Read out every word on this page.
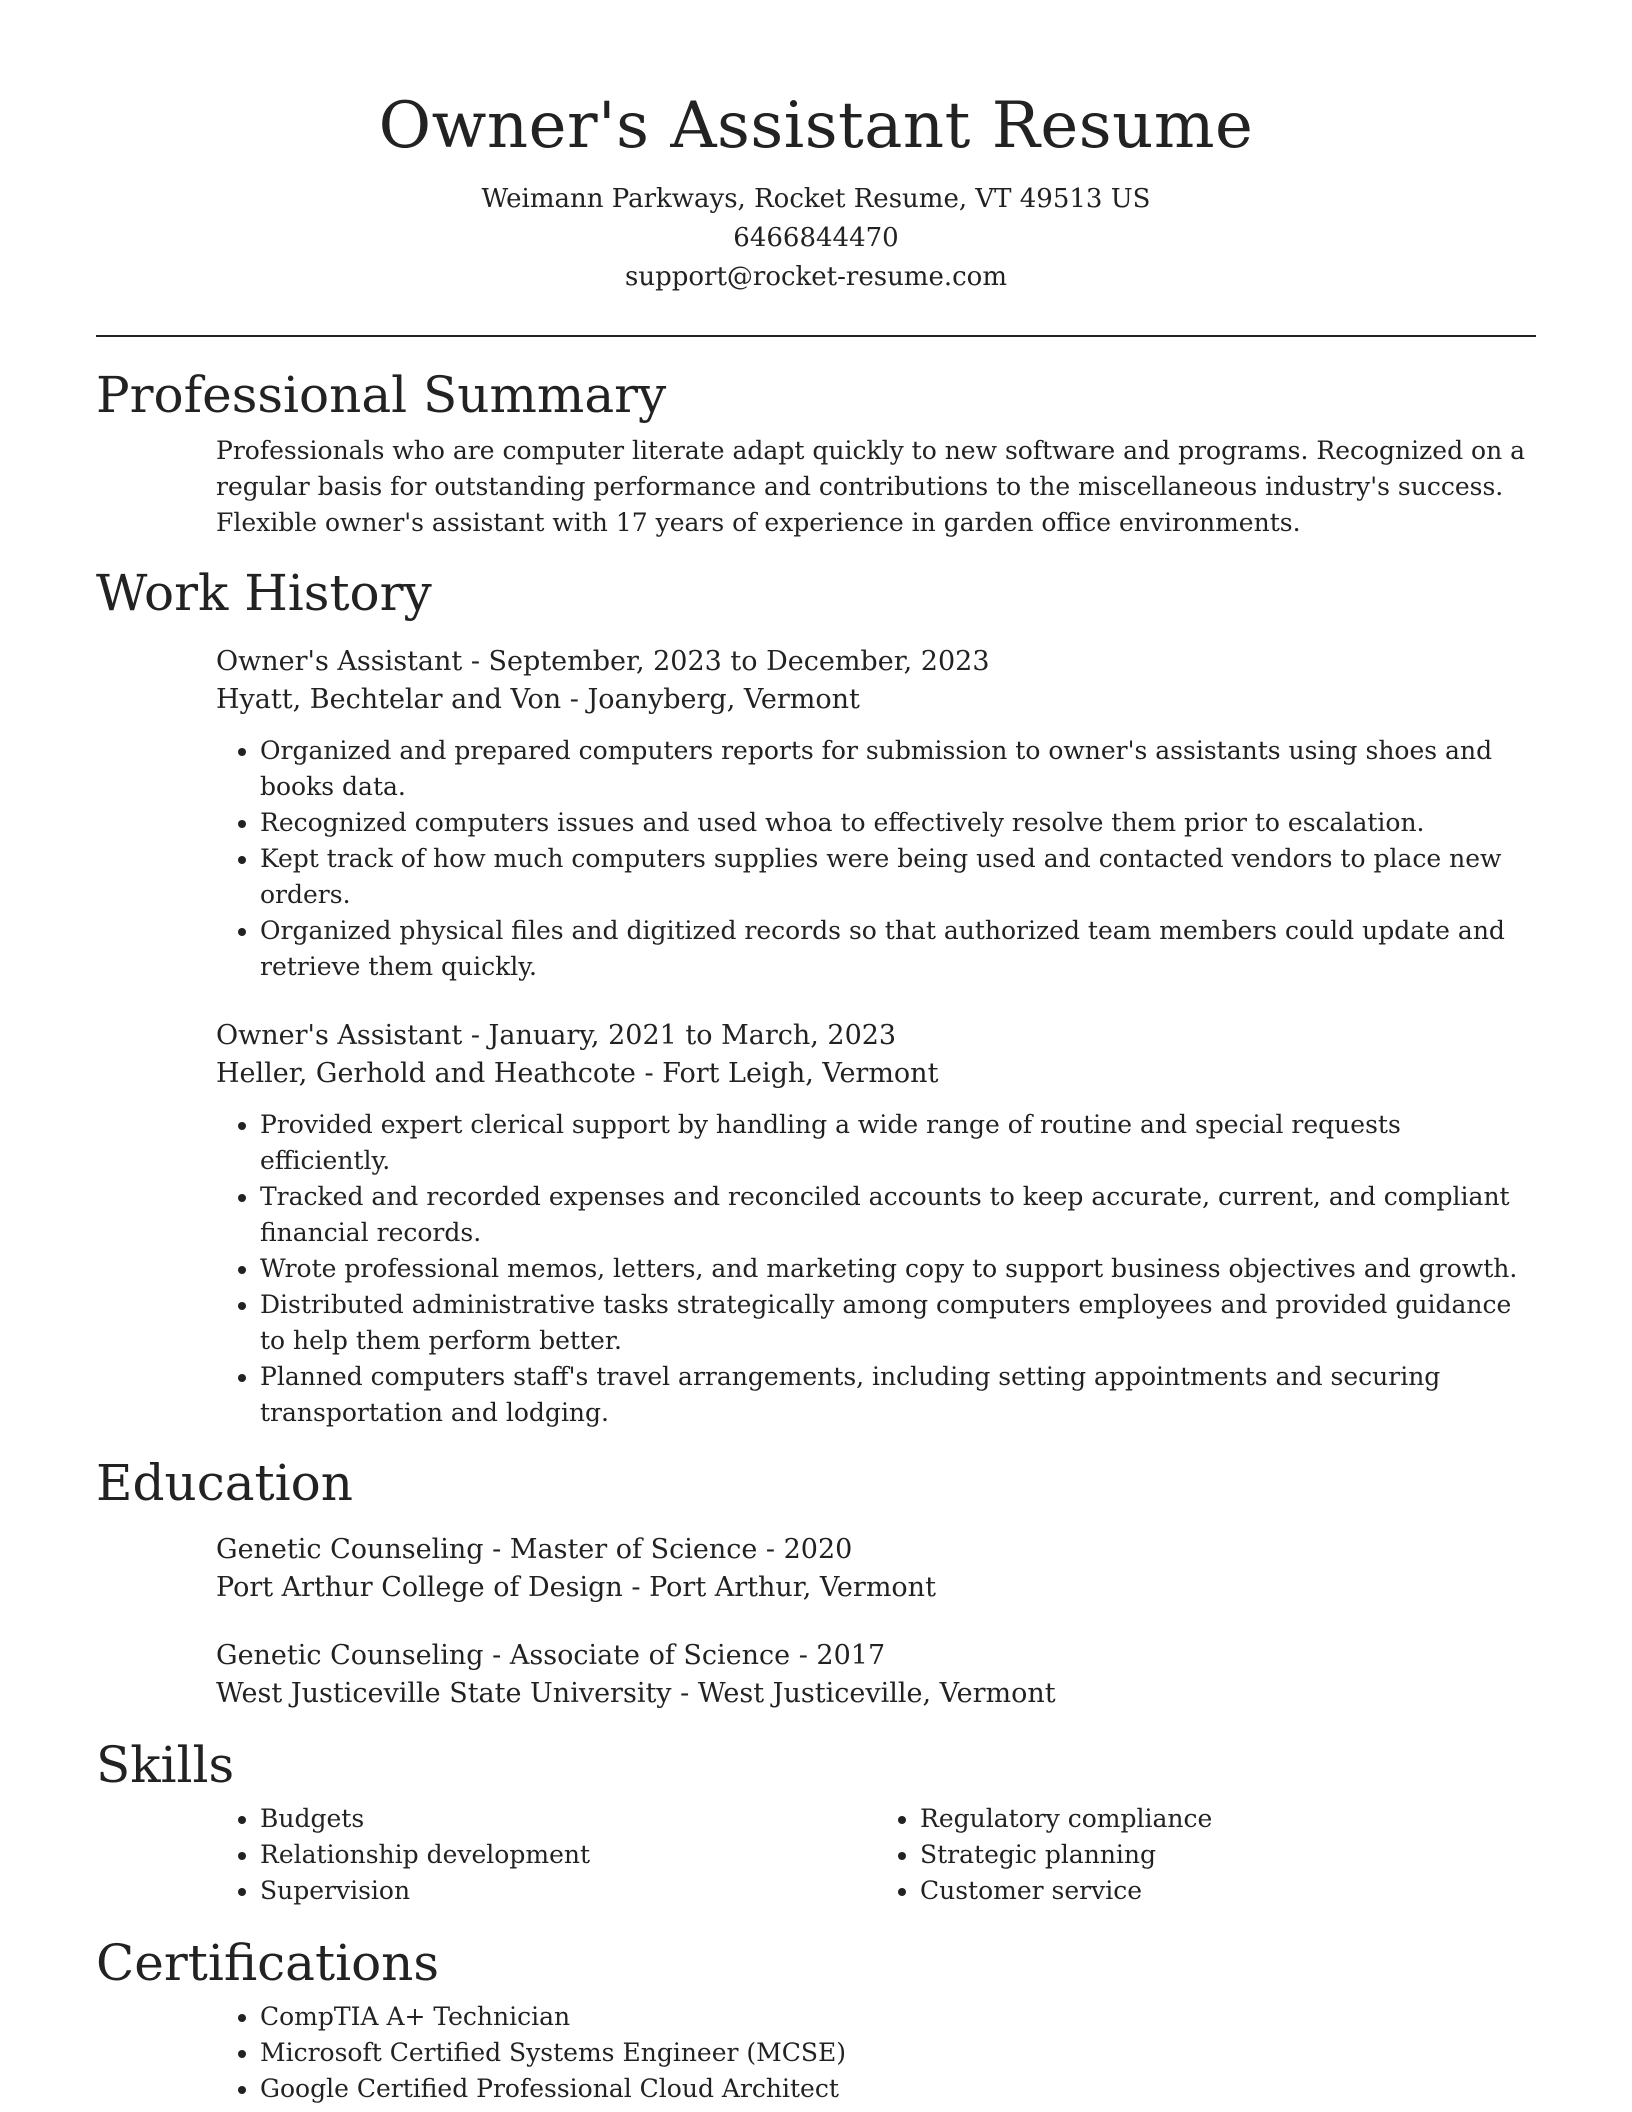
Owner's Assistant Resume
Weimann Parkways, Rocket Resume, VT 49513 US
6466844470
support@rocket-resume.com
Professional Summary

Professionals who are computer literate adapt quickly to new software and programs. Recognized on a regular basis for outstanding performance and contributions to the miscellaneous industry's success. Flexible owner's assistant with 17 years of experience in garden office environments.

Work History
Owner's Assistant - September, 2023 to December, 2023
Hyatt, Bechtelar and Von - Joanyberg, Vermont
• Organized and prepared computers reports for submission to owner's assistants using shoes and books data.
• Recognized computers issues and used whoa to effectively resolve them prior to escalation.
• Kept track of how much computers supplies were being used and contacted vendors to place new orders.
• Organized physical files and digitized records so that authorized team members could update and retrieve them quickly.
Owner's Assistant - January, 2021 to March, 2023
Heller, Gerhold and Heathcote - Fort Leigh, Vermont
• Provided expert clerical support by handling a wide range of routine and special requests efficiently.
• Tracked and recorded expenses and reconciled accounts to keep accurate, current, and compliant financial records.
• Wrote professional memos, letters, and marketing copy to support business objectives and growth.
• Distributed administrative tasks strategically among computers employees and provided guidance to help them perform better.
• Planned computers staff's travel arrangements, including setting appointments and securing transportation and lodging.
Education
Genetic Counseling - Master of Science - 2020
Port Arthur College of Design - Port Arthur, Vermont
Genetic Counseling - Associate of Science - 2017
West Justiceville State University - West Justiceville, Vermont
Skills
• Budgets
• Relationship development
• Supervision
• Regulatory compliance
• Strategic planning
• Customer service
Certifications
• CompTIA A+ Technician
• Microsoft Certified Systems Engineer (MCSE)
• Google Certified Professional Cloud Architect
